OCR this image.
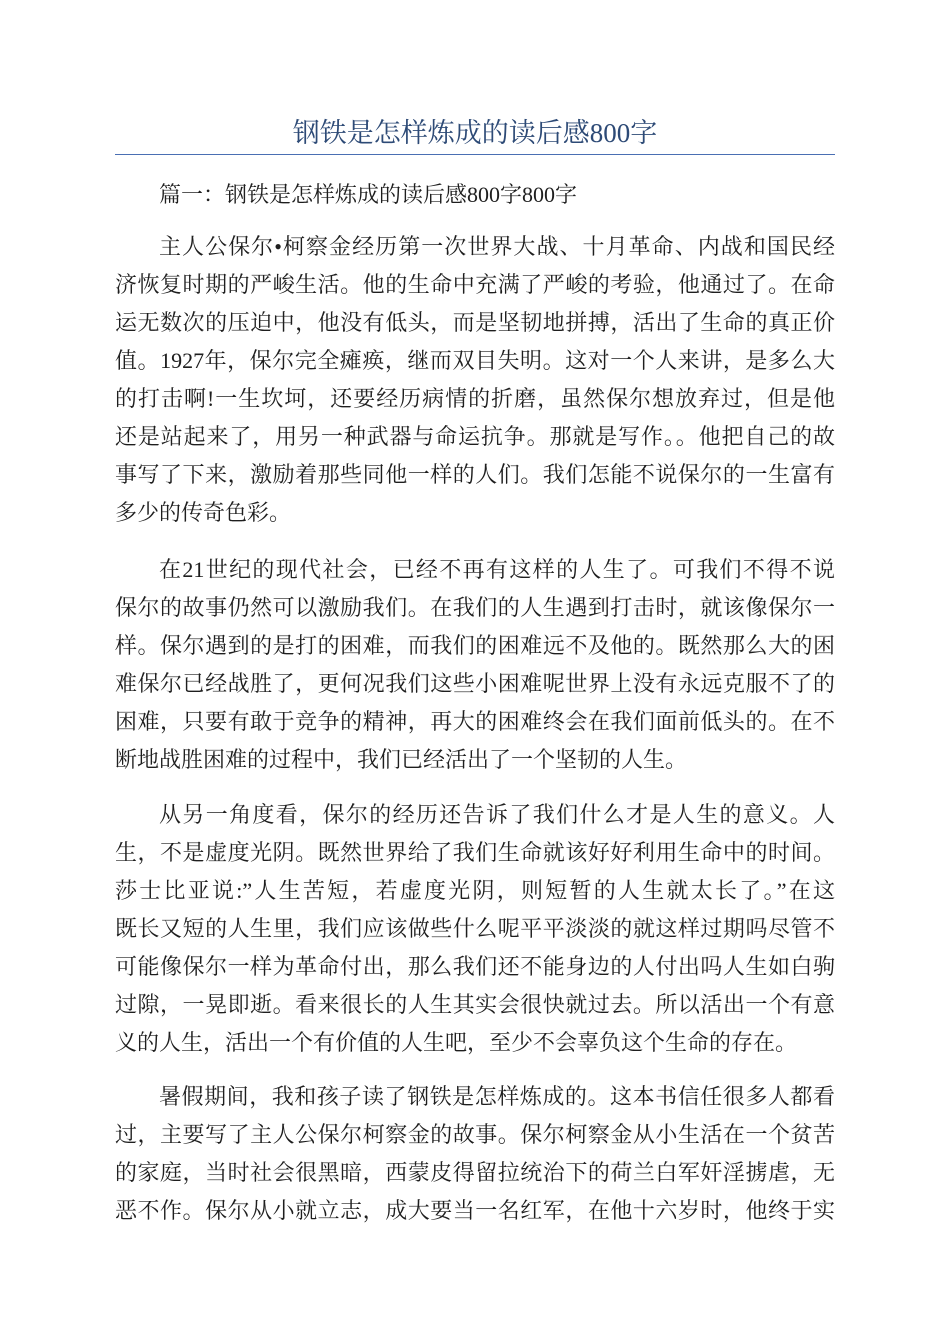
钢铁是怎样炼成的读后感800字
篇一：钢铁是怎样炼成的读后感800字800字
主人公保尔•柯察金经历第一次世界大战、十月革命、内战和国民经
济恢复时期的严峻生活。他的生命中充满了严峻的考验，他通过了。在命
运无数次的压迫中，他没有低头，而是坚韧地拼搏，活出了生命的真正价
值。1927年，保尔完全瘫痪，继而双目失明。这对一个人来讲，是多么大
的打击啊!一生坎坷，还要经历病情的折磨，虽然保尔想放弃过，但是他
还是站起来了，用另一种武器与命运抗争。那就是写作。。他把自己的故
事写了下来，激励着那些同他一样的人们。我们怎能不说保尔的一生富有
多少的传奇色彩。
在21世纪的现代社会，已经不再有这样的人生了。可我们不得不说
保尔的故事仍然可以激励我们。在我们的人生遇到打击时，就该像保尔一
样。保尔遇到的是打的困难，而我们的困难远不及他的。既然那么大的困
难保尔已经战胜了，更何况我们这些小困难呢世界上没有永远克服不了的
困难，只要有敢于竞争的精神，再大的困难终会在我们面前低头的。在不
断地战胜困难的过程中，我们已经活出了一个坚韧的人生。
从另一角度看，保尔的经历还告诉了我们什么才是人生的意义。人
生，不是虚度光阴。既然世界给了我们生命就该好好利用生命中的时间。
莎士比亚说:”人生苦短，若虚度光阴，则短暂的人生就太长了。”在这
既长又短的人生里，我们应该做些什么呢平平淡淡的就这样过期吗尽管不
可能像保尔一样为革命付出，那么我们还不能身边的人付出吗人生如白驹
过隙，一晃即逝。看来很长的人生其实会很快就过去。所以活出一个有意
义的人生，活出一个有价值的人生吧，至少不会辜负这个生命的存在。
暑假期间，我和孩子读了钢铁是怎样炼成的。这本书信任很多人都看
过，主要写了主人公保尔柯察金的故事。保尔柯察金从小生活在一个贫苦
的家庭，当时社会很黑暗，西蒙皮得留拉统治下的荷兰白军奸淫掳虐，无
恶不作。保尔从小就立志，成大要当一名红军，在他十六岁时，他终于实
